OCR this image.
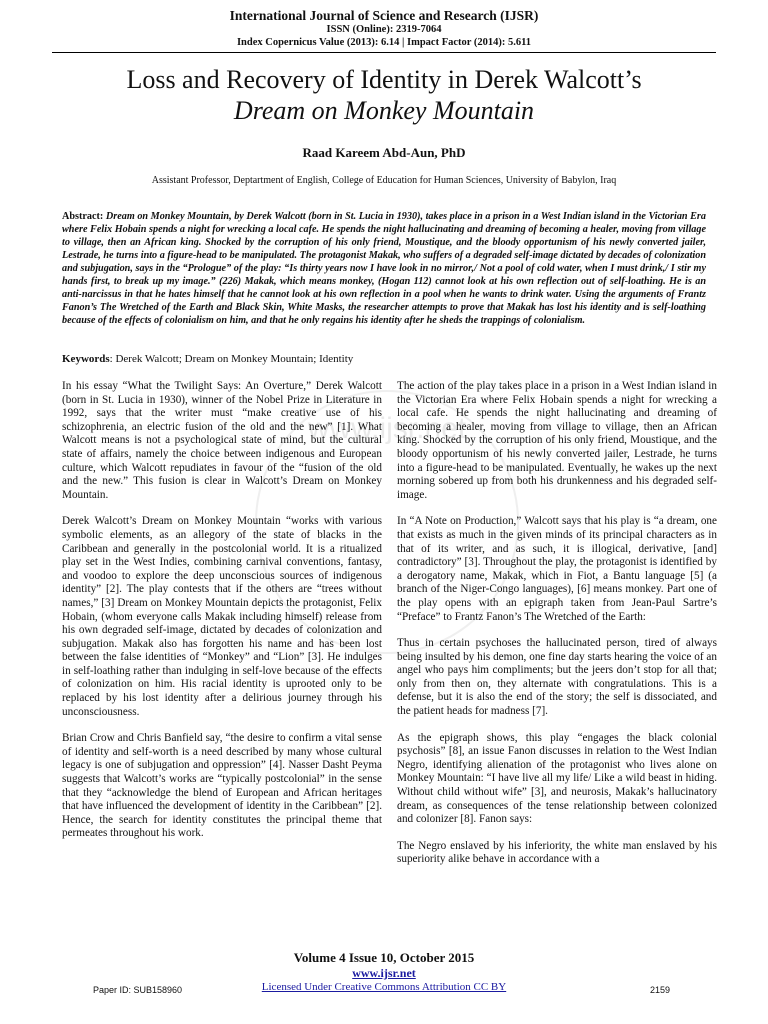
International Journal of Science and Research (IJSR)
ISSN (Online): 2319-7064
Index Copernicus Value (2013): 6.14 | Impact Factor (2014): 5.611
Loss and Recovery of Identity in Derek Walcott’s
Dream on Monkey Mountain
Raad Kareem Abd-Aun, PhD
Assistant Professor, Deptartment of English, College of Education for Human Sciences, University of Babylon, Iraq
Abstract: Dream on Monkey Mountain, by Derek Walcott (born in St. Lucia in 1930), takes place in a prison in a West Indian island in the Victorian Era where Felix Hobain spends a night for wrecking a local cafe. He spends the night hallucinating and dreaming of becoming a healer, moving from village to village, then an African king. Shocked by the corruption of his only friend, Moustique, and the bloody opportunism of his newly converted jailer, Lestrade, he turns into a figure-head to be manipulated. The protagonist Makak, who suffers of a degraded self-image dictated by decades of colonization and subjugation, says in the “Prologue” of the play: “Is thirty years now I have look in no mirror,/ Not a pool of cold water, when I must drink,/ I stir my hands first, to break up my image.” (226) Makak, which means monkey, (Hogan 112) cannot look at his own reflection out of self-loathing. He is an anti-narcissus in that he hates himself that he cannot look at his own reflection in a pool when he wants to drink water. Using the arguments of Frantz Fanon’s The Wretched of the Earth and Black Skin, White Masks, the researcher attempts to prove that Makak has lost his identity and is self-loathing because of the effects of colonialism on him, and that he only regains his identity after he sheds the trappings of colonialism.
Keywords: Derek Walcott; Dream on Monkey Mountain; Identity
www.ijsr.net

In his essay “What the Twilight Says: An Overture,” Derek Walcott (born in St. Lucia in 1930), winner of the Nobel Prize in Literature in 1992, says that the writer must “make creative use of his schizophrenia, an electric fusion of the old and the new” [1]. What Walcott means is not a psychological state of mind, but the cultural state of affairs, namely the choice between indigenous and European culture, which Walcott repudiates in favour of the “fusion of the old and the new.” This fusion is clear in Walcott’s Dream on Monkey Mountain.

Derek Walcott’s Dream on Monkey Mountain “works with various symbolic elements, as an allegory of the state of blacks in the Caribbean and generally in the postcolonial world. It is a ritualized play set in the West Indies, combining carnival conventions, fantasy, and voodoo to explore the deep unconscious sources of indigenous identity” [2]. The play contests that if the others are “trees without names,” [3] Dream on Monkey Mountain depicts the protagonist, Felix Hobain, (whom everyone calls Makak including himself) release from his own degraded self-image, dictated by decades of colonization and subjugation. Makak also has forgotten his name and has been lost between the false identities of “Monkey” and “Lion” [3]. He indulges in self-loathing rather than indulging in self-love because of the effects of colonization on him. His racial identity is uprooted only to be replaced by his lost identity after a delirious journey through his unconsciousness.

Brian Crow and Chris Banfield say, “the desire to confirm a vital sense of identity and self-worth is a need described by many whose cultural legacy is one of subjugation and oppression” [4]. Nasser Dasht Peyma suggests that Walcott’s works are “typically postcolonial” in the sense that they “acknowledge the blend of European and African heritages that have influenced the development of identity in the Caribbean” [2]. Hence, the search for identity constitutes the principal theme that permeates throughout his work.

The action of the play takes place in a prison in a West Indian island in the Victorian Era where Felix Hobain spends a night for wrecking a local cafe. He spends the night hallucinating and dreaming of becoming a healer, moving from village to village, then an African king. Shocked by the corruption of his only friend, Moustique, and the bloody opportunism of his newly converted jailer, Lestrade, he turns into a figure-head to be manipulated. Eventually, he wakes up the next morning sobered up from both his drunkenness and his degraded self-image.

In “A Note on Production,” Walcott says that his play is “a dream, one that exists as much in the given minds of its principal characters as in that of its writer, and as such, it is illogical, derivative, [and] contradictory” [3]. Throughout the play, the protagonist is identified by a derogatory name, Makak, which in Fiot, a Bantu language [5] (a branch of the Niger-Congo languages), [6] means monkey. Part one of the play opens with an epigraph taken from Jean-Paul Sartre’s “Preface” to Frantz Fanon’s The Wretched of the Earth:

Thus in certain psychoses the hallucinated person, tired of always being insulted by his demon, one fine day starts hearing the voice of an angel who pays him compliments; but the jeers don’t stop for all that; only from then on, they alternate with congratulations. This is a defense, but it is also the end of the story; the self is dissociated, and the patient heads for madness [7].

As the epigraph shows, this play “engages the black colonial psychosis” [8], an issue Fanon discusses in relation to the West Indian Negro, identifying alienation of the protagonist who lives alone on Monkey Mountain: “I have live all my life/ Like a wild beast in hiding. Without child without wife” [3], and neurosis, Makak’s hallucinatory dream, as consequences of the tense relationship between colonized and colonizer [8]. Fanon says:

The Negro enslaved by his inferiority, the white man enslaved by his superiority alike behave in accordance with a

Volume 4 Issue 10, October 2015
www.ijsr.net
Licensed Under Creative Commons Attribution CC BY
Paper ID: SUB158960	2159
